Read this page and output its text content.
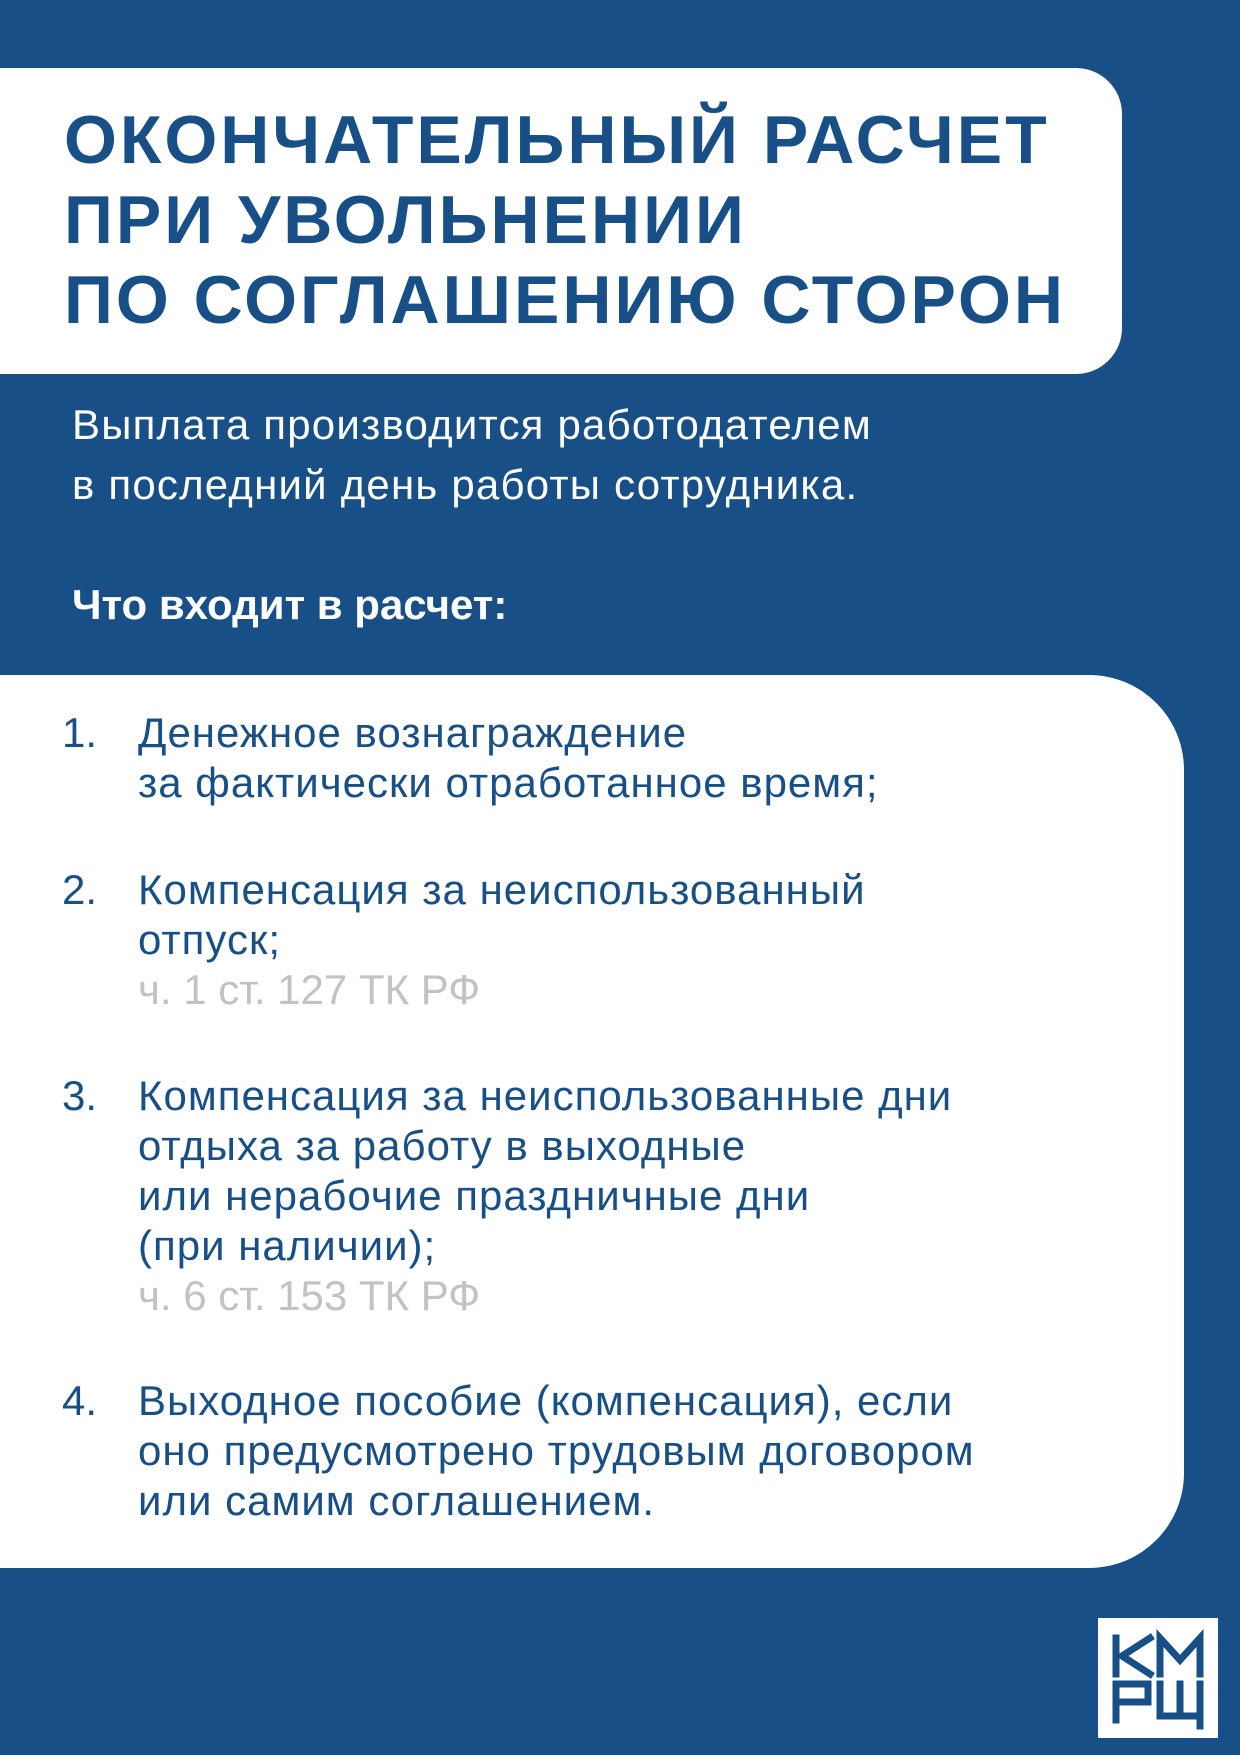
ОКОНЧАТЕЛЬНЫЙ РАСЧЕТ

ПРИ УВОЛЬНЕНИИ

ПО СОГЛАШЕНИЮ СТОРОН

Выплата производится работодателем

в последний день работы сотрудника.

Что входит в расчет:

1. Денежное вознаграждение

за фактически отработанное время;

2. Компенсация за неиспользованный

отпуск;

ч. 1 ст. 127 ТК РФ

3. Компенсация за неиспользованные дни

отдыха за работу в выходные

или нерабочие праздничные дни

(при наличии);

ч. 6 ст. 153 ТК РФ

4. Выходное пособие (компенсация), если

оно предусмотрено трудовым договором

или самим соглашением.
